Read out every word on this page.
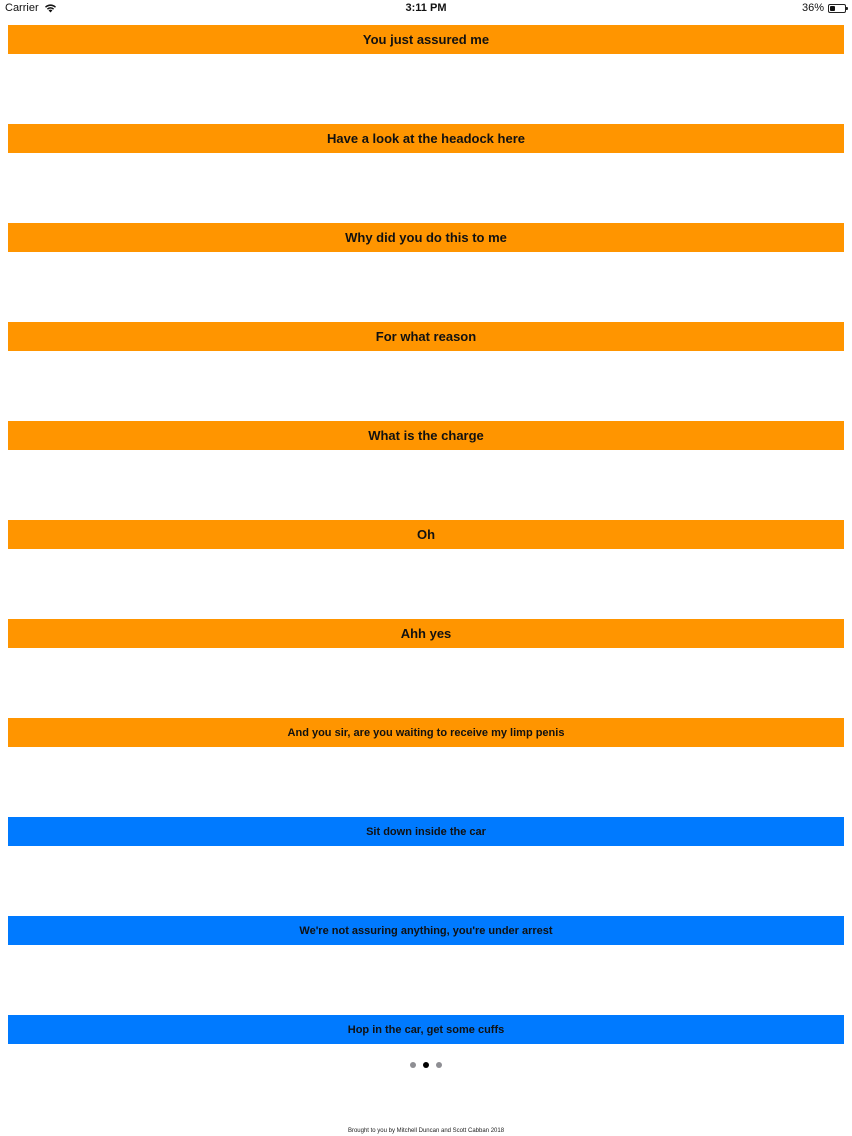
Carrier	3:11 PM	36%
You just assured me
Have a look at the headock here
Why did you do this to me
For what reason
What is the charge
Oh
Ahh yes
And you sir, are you waiting to receive my limp penis
Sit down inside the car
We're not assuring anything, you're under arrest
Hop in the car, get some cuffs
Brought to you by Mitchell Duncan and Scott Cabban 2018
